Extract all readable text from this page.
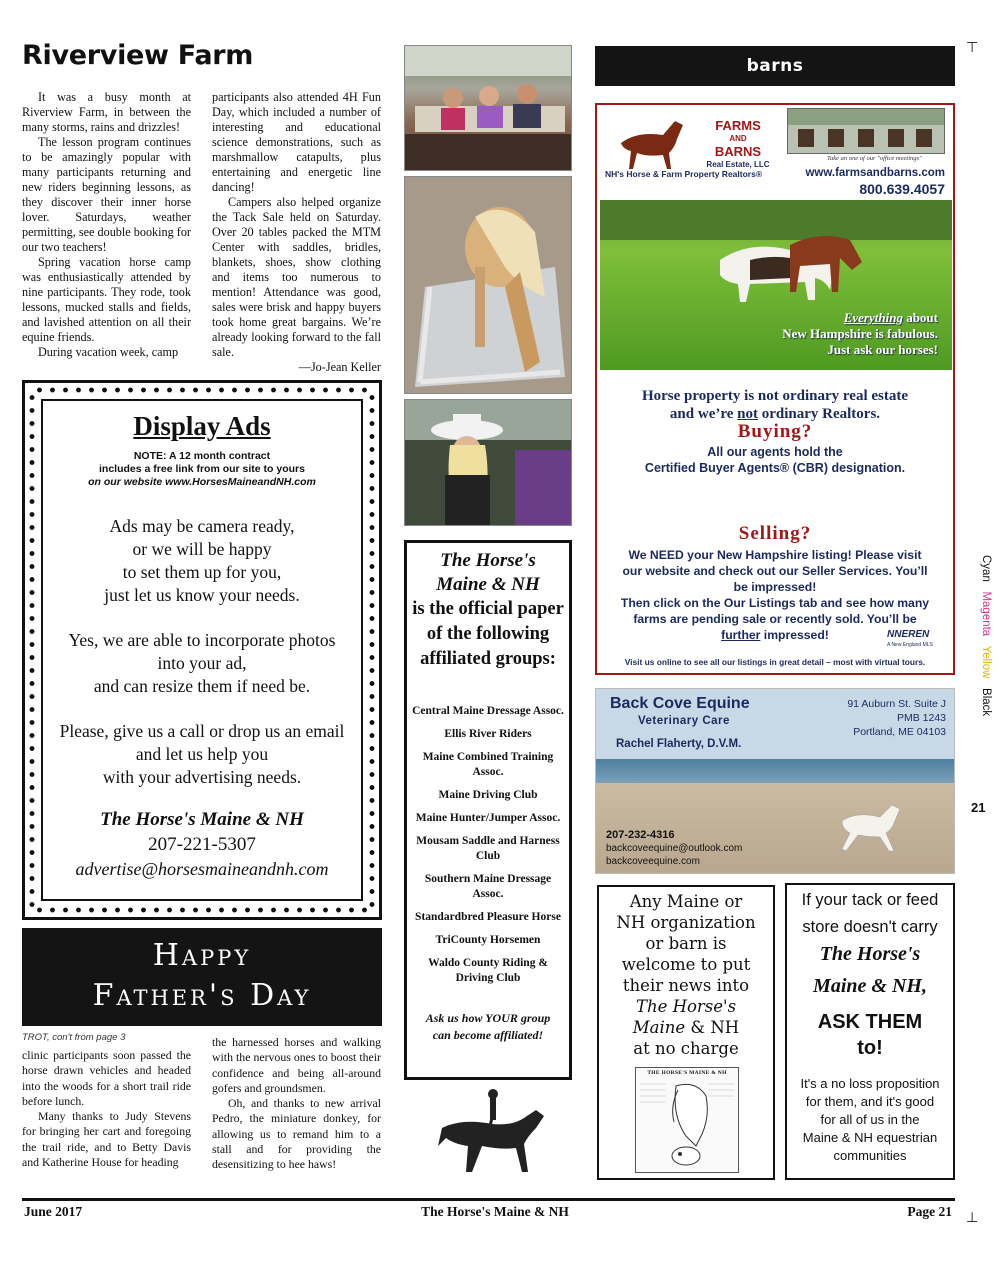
Riverview Farm

It was a busy month at Riverview Farm, in between the many storms, rains and drizzles!

The lesson program continues to be amazingly popular with many participants returning and new riders beginning lessons, as they discover their inner horse lover. Saturdays, weather permitting, see double booking for our two teachers!

Spring vacation horse camp was enthusiastically attended by nine participants. They rode, took lessons, mucked stalls and fields, and lavished attention on all their equine friends.

During vacation week, camp

participants also attended 4H Fun Day, which included a number of interesting and educational science demonstrations, such as marshmallow catapults, plus entertaining and energetic line dancing!

Campers also helped organize the Tack Sale held on Saturday. Over 20 tables packed the MTM Center with saddles, bridles, blankets, shoes, show clothing and items too numerous to mention! Attendance was good, sales were brisk and happy buyers took home great bargains. We’re already looking forward to the fall sale.

—Jo-Jean Keller

Display Ads
NOTE: A 12 month contract
includes a free link from our site to yours
on our website www.HorsesMaineandNH.com
Ads may be camera ready,
or we will be happy
to set them up for you,
just let us know your needs.
Yes, we are able to incorporate photos
into your ad,
and can resize them if need be.
Please, give us a call or drop us an email
and let us help you
with your advertising needs.
The Horse's Maine & NH
207-221-5307
advertise@horsesmaineandnh.com
Happy
Father's Day
TROT, con't from page 3

clinic participants soon passed the horse drawn vehicles and headed into the woods for a short trail ride before lunch.

Many thanks to Judy Stevens for bringing her cart and foregoing the trail ride, and to Betty Davis and Katherine House for heading

the harnessed horses and walking with the nervous ones to boost their confidence and being all-around gofers and groundsmen.

Oh, and thanks to new arrival Pedro, the miniature donkey, for allowing us to remand him to a stall and for providing the desensitizing to hee haws!

The Horse's
Maine & NH
is the official paper
of the following
affiliated groups:
Central Maine Dressage Assoc.
Ellis River Riders
Maine Combined Training Assoc.
Maine Driving Club
Maine Hunter/Jumper Assoc.
Mousam Saddle and Harness Club
Southern Maine Dressage Assoc.
Standardbred Pleasure Horse
TriCounty Horsemen
Waldo County Riding & Driving Club
Ask us how YOUR group
can become affiliated!
barns
FARMS
AND
BARNS
Real Estate, LLC
NH's Horse & Farm Property Realtors®
Take an one of our "office meetings"
www.farmsandbarns.com
800.639.4057
Everything about
New Hampshire is fabulous.
Just ask our horses!
Horse property is not ordinary real estate
and we’re not ordinary Realtors.
Buying?
All our agents hold the
Certified Buyer Agents® (CBR) designation.
Selling?
We NEED your New Hampshire listing! Please visit
our website and check out our Seller Services. You’ll
be impressed!
Then click on the Our Listings tab and see how many
farms are pending sale or recently sold. You’ll be
further impressed!	NNEREN
A New England MLS
Visit us online to see all our listings in great detail – most with virtual tours.
Back Cove Equine
Veterinary Care
Rachel Flaherty, D.V.M.
91 Auburn St. Suite J
PMB 1243
Portland, ME 04103
207-232-4316
backcoveequine@outlook.com
backcoveequine.com
Any Maine or
NH organization
or barn is
welcome to put
their news into
The Horse's
Maine & NH
at no charge
THE HORSE'S MAINE & NH
If your tack or feed
store doesn't carry
The Horse's
Maine & NH,
ASK THEM
to!
It's a no loss proposition
for them, and it's good
for all of us in the
Maine & NH equestrian
communities
June 2017	The Horse's Maine & NH	Page 21
⊤
⊥
Cyan   Magenta   Yellow   Black
21
